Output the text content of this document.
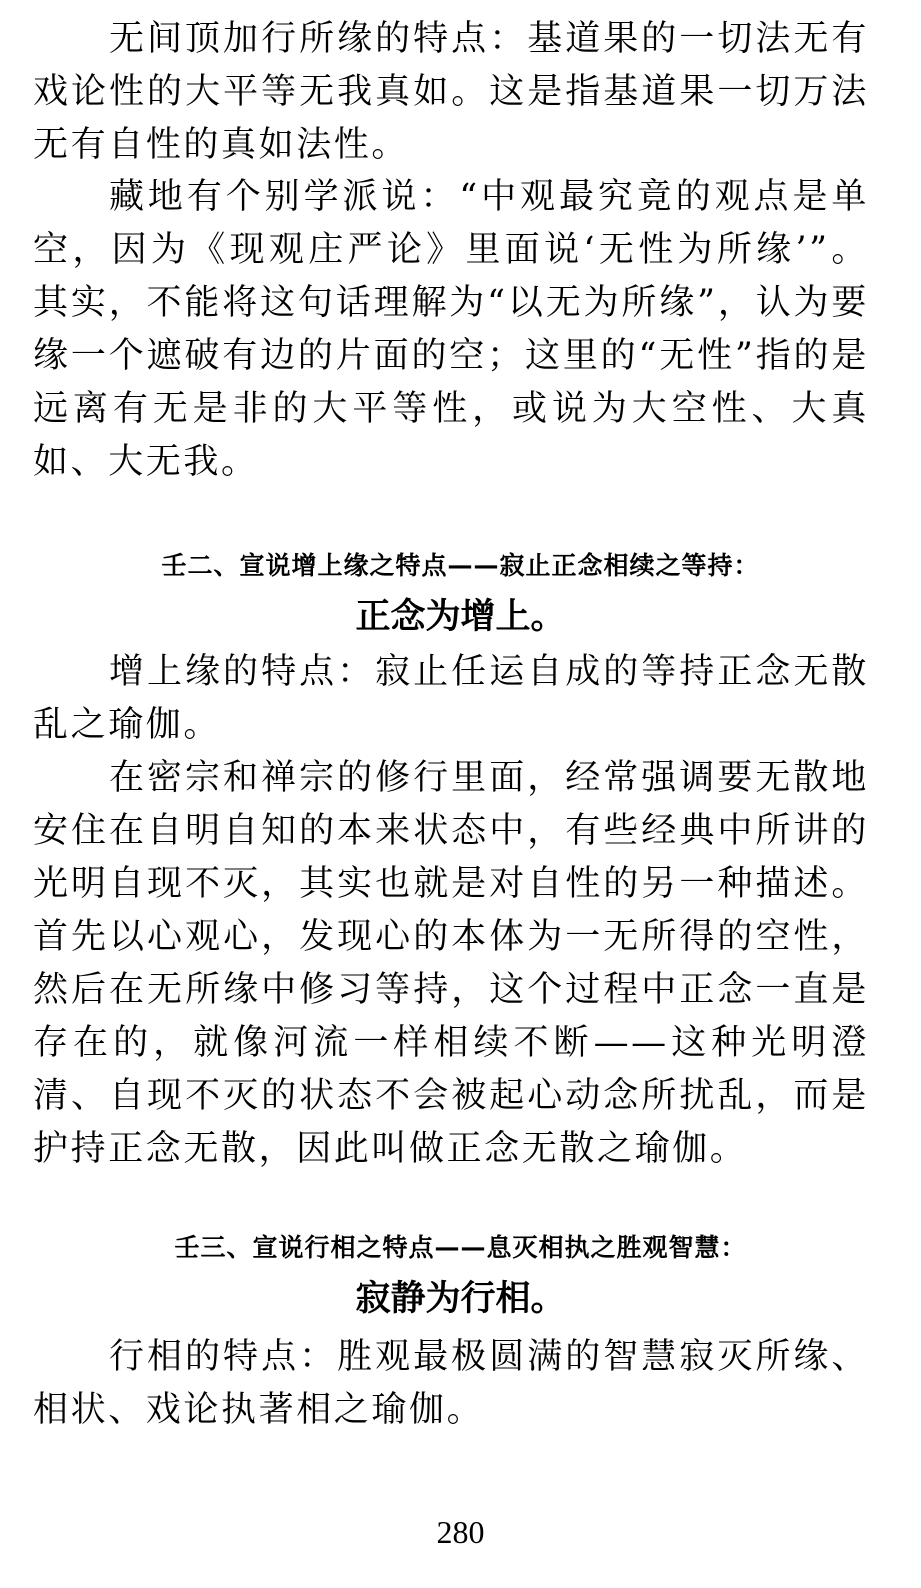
无间顶加行所缘的特点：基道果的一切法无有戏论性的大平等无我真如。这是指基道果一切万法无有自性的真如法性。

藏地有个别学派说：“中观最究竟的观点是单空，因为《现观庄严论》里面说‘无性为所缘’”。其实，不能将这句话理解为“以无为所缘”，认为要缘一个遮破有边的片面的空；这里的“无性”指的是远离有无是非的大平等性，或说为大空性、大真如、大无我。

壬二、宣说增上缘之特点——寂止正念相续之等持：

正念为增上。

增上缘的特点：寂止任运自成的等持正念无散乱之瑜伽。

在密宗和禅宗的修行里面，经常强调要无散地安住在自明自知的本来状态中，有些经典中所讲的光明自现不灭，其实也就是对自性的另一种描述。首先以心观心，发现心的本体为一无所得的空性，然后在无所缘中修习等持，这个过程中正念一直是存在的，就像河流一样相续不断——这种光明澄清、自现不灭的状态不会被起心动念所扰乱，而是护持正念无散，因此叫做正念无散之瑜伽。

壬三、宣说行相之特点——息灭相执之胜观智慧：

寂静为行相。

行相的特点：胜观最极圆满的智慧寂灭所缘、相状、戏论执著相之瑜伽。

280
